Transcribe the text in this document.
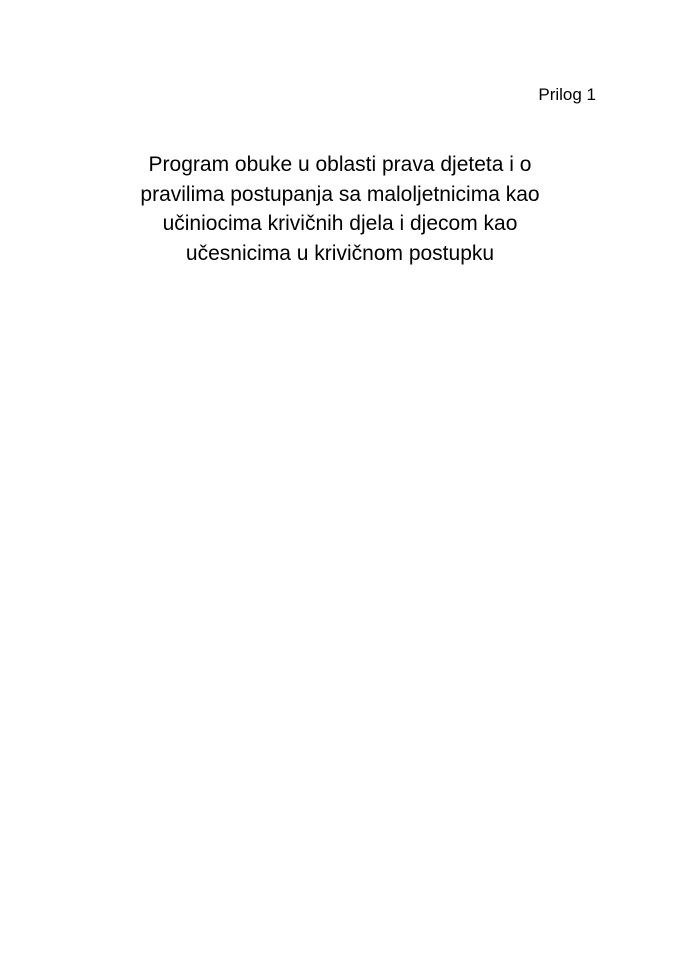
Prilog 1
Program obuke u oblasti prava djeteta i o
pravilima postupanja sa maloljetnicima kao
učiniocima krivičnih djela i djecom kao
učesnicima u krivičnom postupku
